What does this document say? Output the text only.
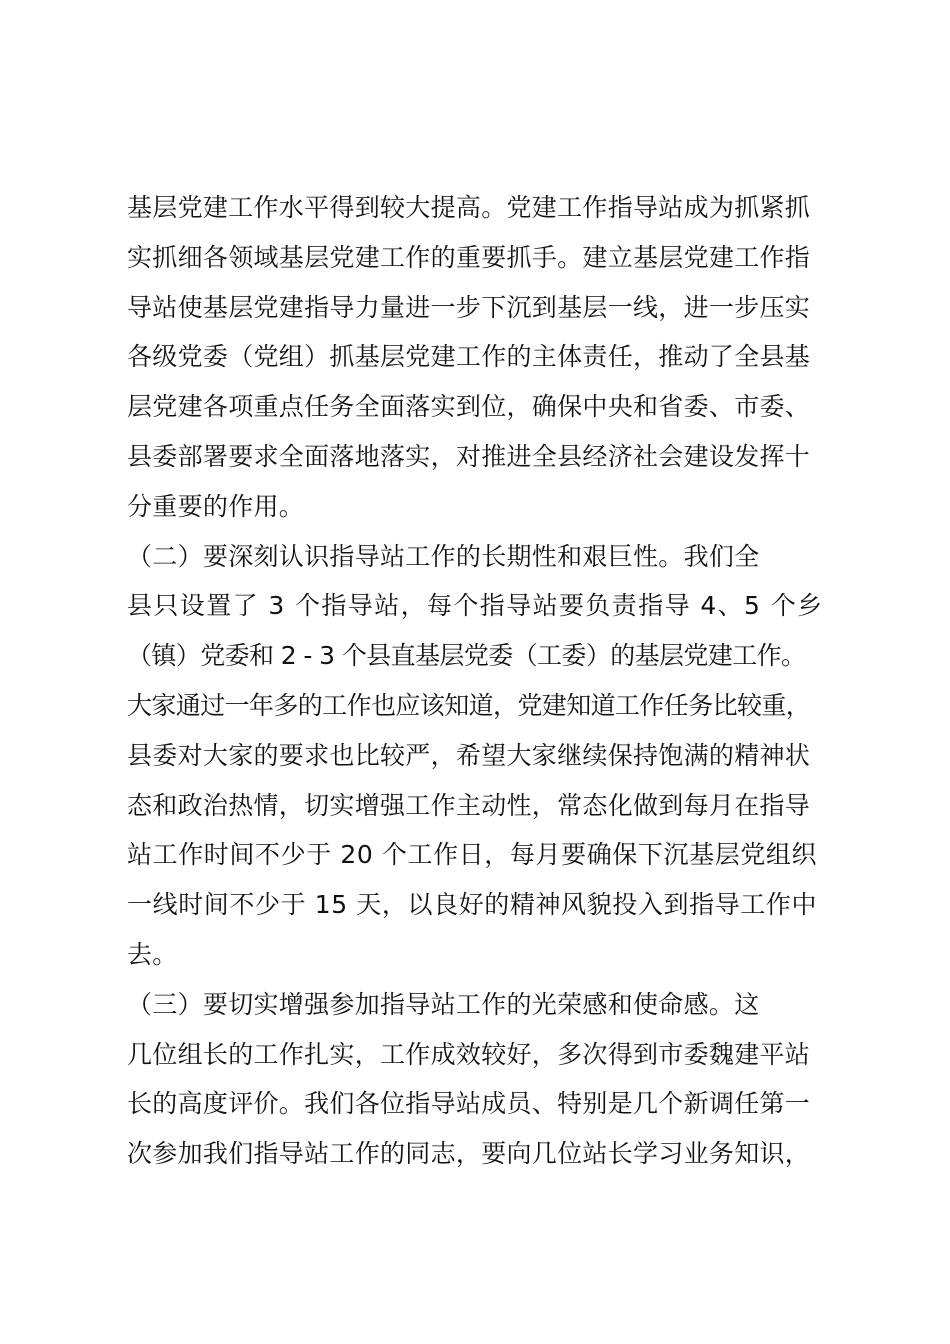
基层党建工作水平得到较大提高。党建工作指导站成为抓紧抓
实抓细各领域基层党建工作的重要抓手。建立基层党建工作指
导站使基层党建指导力量进一步下沉到基层一线，进一步压实
各级党委（党组）抓基层党建工作的主体责任，推动了全县基
层党建各项重点任务全面落实到位，确保中央和省委、市委、
县委部署要求全面落地落实，对推进全县经济社会建设发挥十
分重要的作用。
（二）要深刻认识指导站工作的长期性和艰巨性。我们全
县只设置了 3 个指导站，每个指导站要负责指导 4、5 个乡
（镇）党委和 2 - 3 个县直基层党委（工委）的基层党建工作。
大家通过一年多的工作也应该知道，党建知道工作任务比较重，
县委对大家的要求也比较严，希望大家继续保持饱满的精神状
态和政治热情，切实增强工作主动性，常态化做到每月在指导
站工作时间不少于 20 个工作日，每月要确保下沉基层党组织
一线时间不少于 15 天，以良好的精神风貌投入到指导工作中
去。
（三）要切实增强参加指导站工作的光荣感和使命感。这
几位组长的工作扎实，工作成效较好，多次得到市委魏建平站
长的高度评价。我们各位指导站成员、特别是几个新调任第一
次参加我们指导站工作的同志，要向几位站长学习业务知识，
